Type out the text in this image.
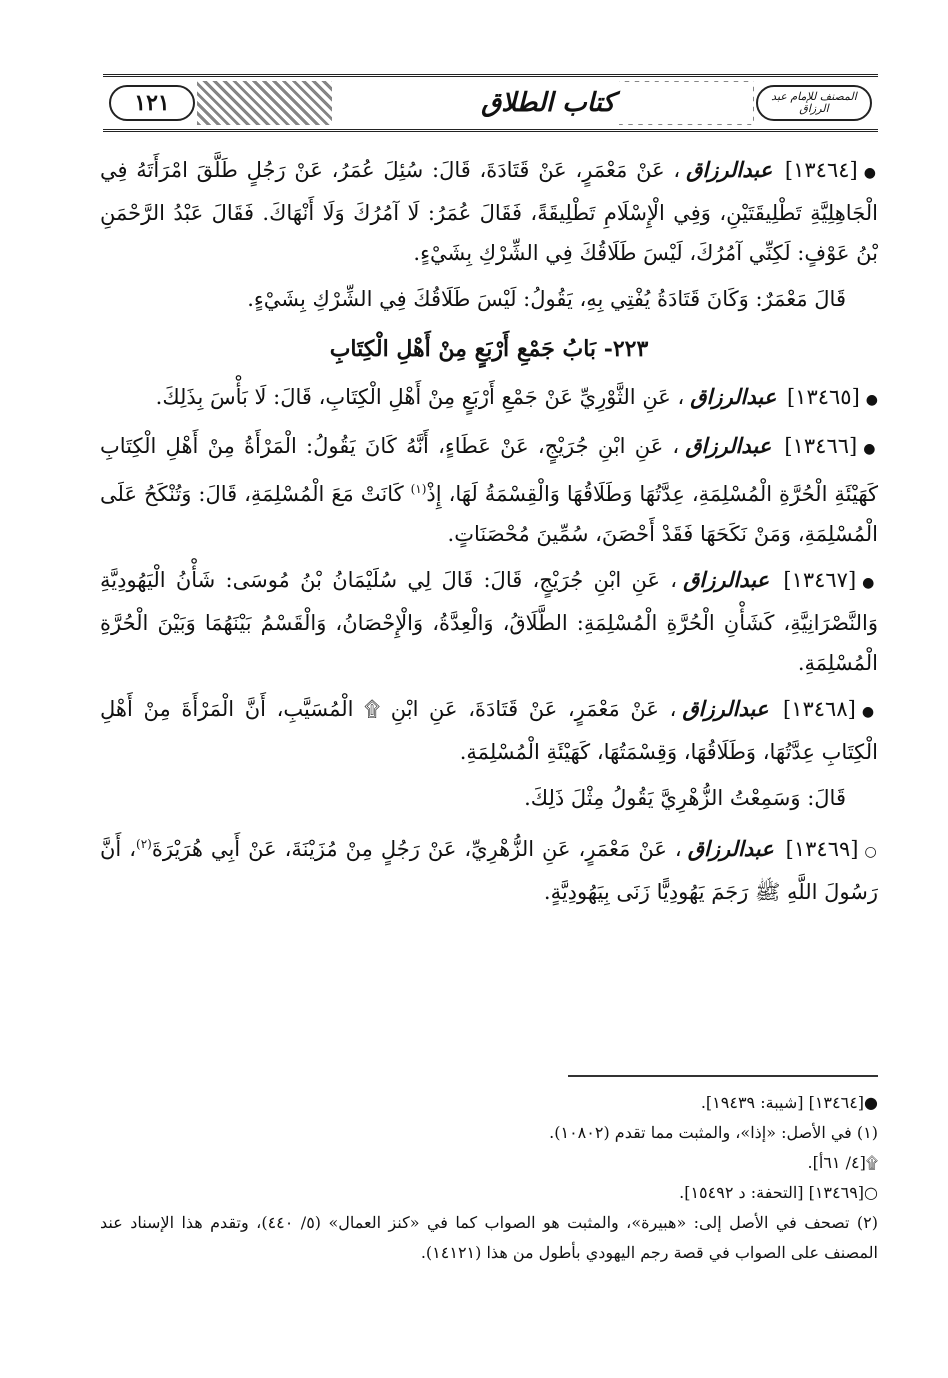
١٢١	كتاب الطلاق	المصنف للإمام عبد الرزاق

●[١٣٤٦٤] عبدالرزاق، عَنْ مَعْمَرٍ، عَنْ قَتَادَةَ، قَالَ: سُئِلَ عُمَرُ، عَنْ رَجُلٍ طَلَّقَ امْرَأَتَهُ فِي الْجَاهِلِيَّةِ تَطْلِيقَتَيْنِ، وَفِي الْإِسْلَامِ تَطْلِيقَةً، فَقَالَ عُمَرُ: لَا آمُرُكَ وَلَا أَنْهَاكَ. فَقَالَ عَبْدُ الرَّحْمَنِ بْنُ عَوْفٍ: لَكِنِّي آمُرُكَ، لَيْسَ طَلَاقُكَ فِي الشِّرْكِ بِشَيْءٍ.

قَالَ مَعْمَرٌ: وَكَانَ قَتَادَةُ يُفْتِي بِهِ، يَقُولُ: لَيْسَ طَلَاقُكَ فِي الشِّرْكِ بِشَيْءٍ.

٢٢٣- بَابُ جَمْعِ أَرْبَعٍ مِنْ أَهْلِ الْكِتَابِ

●[١٣٤٦٥] عبدالرزاق، عَنِ الثَّوْرِيِّ عَنْ جَمْعِ أَرْبَعٍ مِنْ أَهْلِ الْكِتَابِ، قَالَ: لَا بَأْسَ بِذَلِكَ.

●[١٣٤٦٦] عبدالرزاق، عَنِ ابْنِ جُرَيْجٍ، عَنْ عَطَاءٍ، أَنَّهُ كَانَ يَقُولُ: الْمَرْأَةُ مِنْ أَهْلِ الْكِتَابِ كَهَيْئَةِ الْحُرَّةِ الْمُسْلِمَةِ، عِدَّتُهَا وَطَلَاقُهَا وَالْقِسْمَةُ لَهَا، إِذْ$^{(١)}$ كَانَتْ مَعَ الْمُسْلِمَةِ، قَالَ: وَتُنْكَحُ عَلَى الْمُسْلِمَةِ، وَمَنْ نَكَحَهَا فَقَدْ أَحْصَنَ، سُمِّينَ مُحْصَنَاتٍ.

●[١٣٤٦٧] عبدالرزاق، عَنِ ابْنِ جُرَيْجٍ، قَالَ: قَالَ لِي سُلَيْمَانُ بْنُ مُوسَى: شَأْنُ الْيَهُودِيَّةِ وَالنَّصْرَانِيَّةِ، كَشَأْنِ الْحُرَّةِ الْمُسْلِمَةِ: الطَّلَاقُ، وَالْعِدَّةُ، وَالْإِحْصَانُ، وَالْقَسْمُ بَيْنَهُمَا وَبَيْنَ الْحُرَّةِ الْمُسْلِمَةِ.

●[١٣٤٦٨] عبدالرزاق، عَنْ مَعْمَرٍ، عَنْ قَتَادَةَ، عَنِ ابْنِ ۩ الْمُسَيَّبِ، أَنَّ الْمَرْأَةَ مِنْ أَهْلِ الْكِتَابِ عِدَّتُهَا، وَطَلَاقُهَا، وَقِسْمَتُهَا، كَهَيْئَةِ الْمُسْلِمَةِ.

قَالَ: وَسَمِعْتُ الزُّهْرِيَّ يَقُولُ مِثْلَ ذَلِكَ.

○[١٣٤٦٩] عبدالرزاق، عَنْ مَعْمَرٍ، عَنِ الزُّهْرِيِّ، عَنْ رَجُلٍ مِنْ مُزَيْنَةَ، عَنْ أَبِي هُرَيْرَةَ$^{(٢)}$، أَنَّ رَسُولَ اللَّهِ ﷺ رَجَمَ يَهُودِيًّا زَنَى بِيَهُودِيَّةٍ.

●[١٣٤٦٤] [شيبة: ١٩٤٣٩].

(١) في الأصل: «إذا»، والمثبت مما تقدم (١٠٨٠٢).

۩[٤/ ٦١أ].

○[١٣٤٦٩] [التحفة: د ١٥٤٩٢].

(٢) تصحف في الأصل إلى: «هبيرة»، والمثبت هو الصواب كما في «كنز العمال» (٥/ ٤٤٠)، وتقدم هذا الإسناد عند المصنف على الصواب في قصة رجم اليهودي بأطول من هذا (١٤١٢١).
